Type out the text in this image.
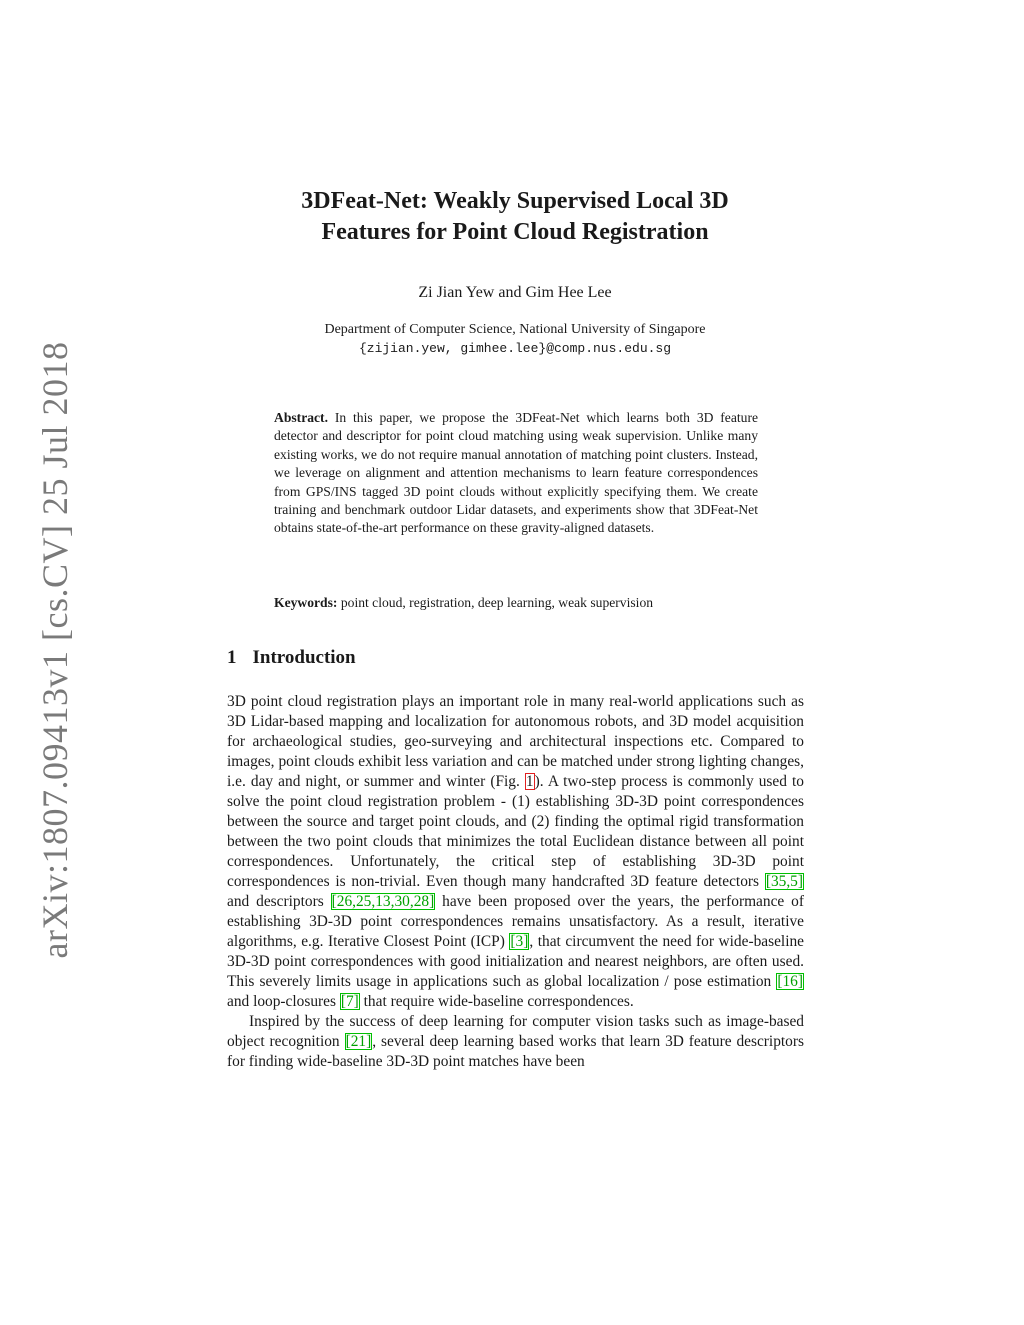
arXiv:1807.09413v1 [cs.CV] 25 Jul 2018
3DFeat-Net: Weakly Supervised Local 3D
Features for Point Cloud Registration
Zi Jian Yew and Gim Hee Lee
Department of Computer Science, National University of Singapore
{zijian.yew, gimhee.lee}@comp.nus.edu.sg

Abstract. In this paper, we propose the 3DFeat-Net which learns both 3D feature detector and descriptor for point cloud matching using weak supervision. Unlike many existing works, we do not require manual annotation of matching point clusters. Instead, we leverage on alignment and attention mechanisms to learn feature correspondences from GPS/INS tagged 3D point clouds without explicitly specifying them. We create training and benchmark outdoor Lidar datasets, and experiments show that 3DFeat-Net obtains state-of-the-art performance on these gravity-aligned datasets.

Keywords: point cloud, registration, deep learning, weak supervision

1 Introduction

3D point cloud registration plays an important role in many real-world applications such as 3D Lidar-based mapping and localization for autonomous robots, and 3D model acquisition for archaeological studies, geo-surveying and architectural inspections etc. Compared to images, point clouds exhibit less variation and can be matched under strong lighting changes, i.e. day and night, or summer and winter (Fig. 1). A two-step process is commonly used to solve the point cloud registration problem - (1) establishing 3D-3D point correspondences between the source and target point clouds, and (2) finding the optimal rigid transformation between the two point clouds that minimizes the total Euclidean distance between all point correspondences. Unfortunately, the critical step of establishing 3D-3D point correspondences is non-trivial. Even though many handcrafted 3D feature detectors [35,5] and descriptors [26,25,13,30,28] have been proposed over the years, the performance of establishing 3D-3D point correspondences remains unsatisfactory. As a result, iterative algorithms, e.g. Iterative Closest Point (ICP) [3], that circumvent the need for wide-baseline 3D-3D point correspondences with good initialization and nearest neighbors, are often used. This severely limits usage in applications such as global localization / pose estimation [16] and loop-closures [7] that require wide-baseline correspondences.

Inspired by the success of deep learning for computer vision tasks such as image-based object recognition [21], several deep learning based works that learn 3D feature descriptors for finding wide-baseline 3D-3D point matches have been
